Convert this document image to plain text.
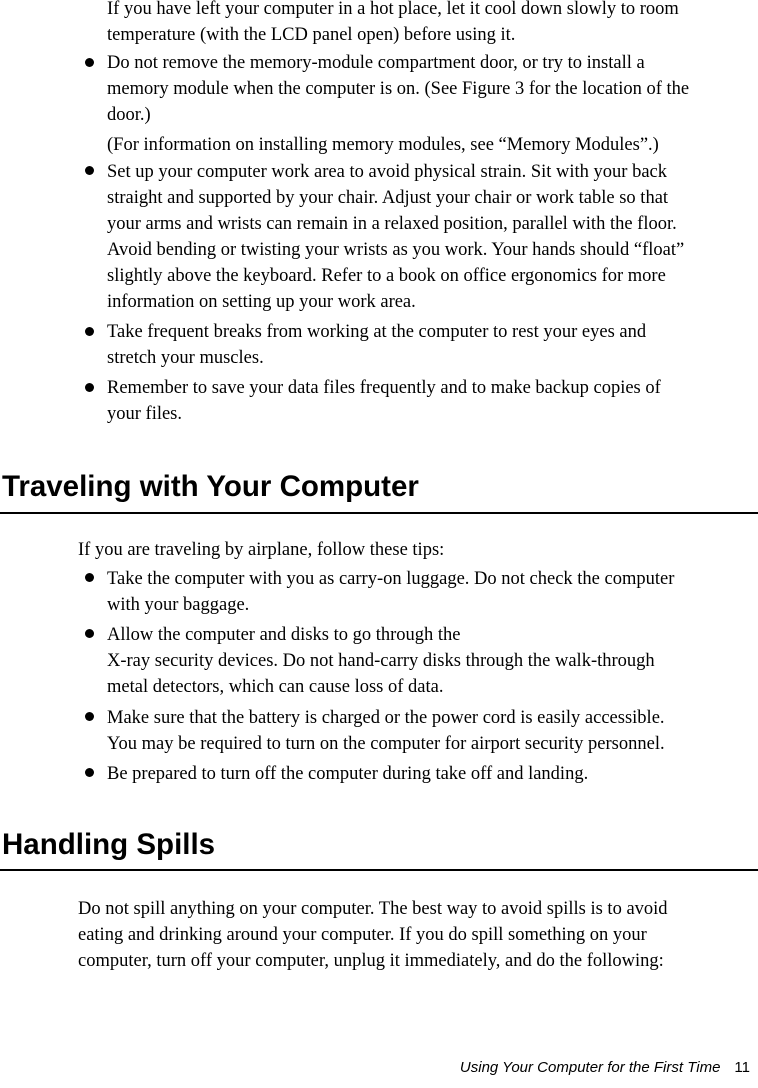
If you have left your computer in a hot place, let it cool down slowly to room
temperature (with the LCD panel open) before using it.
Do not remove the memory-module compartment door, or try to install a
memory module when the computer is on. (See Figure 3 for the location of the
door.)
(For information on installing memory modules, see “Memory Modules”.)
Set up your computer work area to avoid physical strain. Sit with your back
straight and supported by your chair. Adjust your chair or work table so that
your arms and wrists can remain in a relaxed position, parallel with the floor.
Avoid bending or twisting your wrists as you work. Your hands should “float”
slightly above the keyboard. Refer to a book on office ergonomics for more
information on setting up your work area.
Take frequent breaks from working at the computer to rest your eyes and
stretch your muscles.
Remember to save your data files frequently and to make backup copies of
your files.
Traveling with Your Computer
If you are traveling by airplane, follow these tips:
Take the computer with you as carry-on luggage. Do not check the computer
with your baggage.
Allow the computer and disks to go through the
X-ray security devices. Do not hand-carry disks through the walk-through
metal detectors, which can cause loss of data.
Make sure that the battery is charged or the power cord is easily accessible.
You may be required to turn on the computer for airport security personnel.
Be prepared to turn off the computer during take off and landing.
Handling Spills
Do not spill anything on your computer. The best way to avoid spills is to avoid
eating and drinking around your computer. If you do spill something on your
computer, turn off your computer, unplug it immediately, and do the following:
Using Your Computer for the First Time 11
